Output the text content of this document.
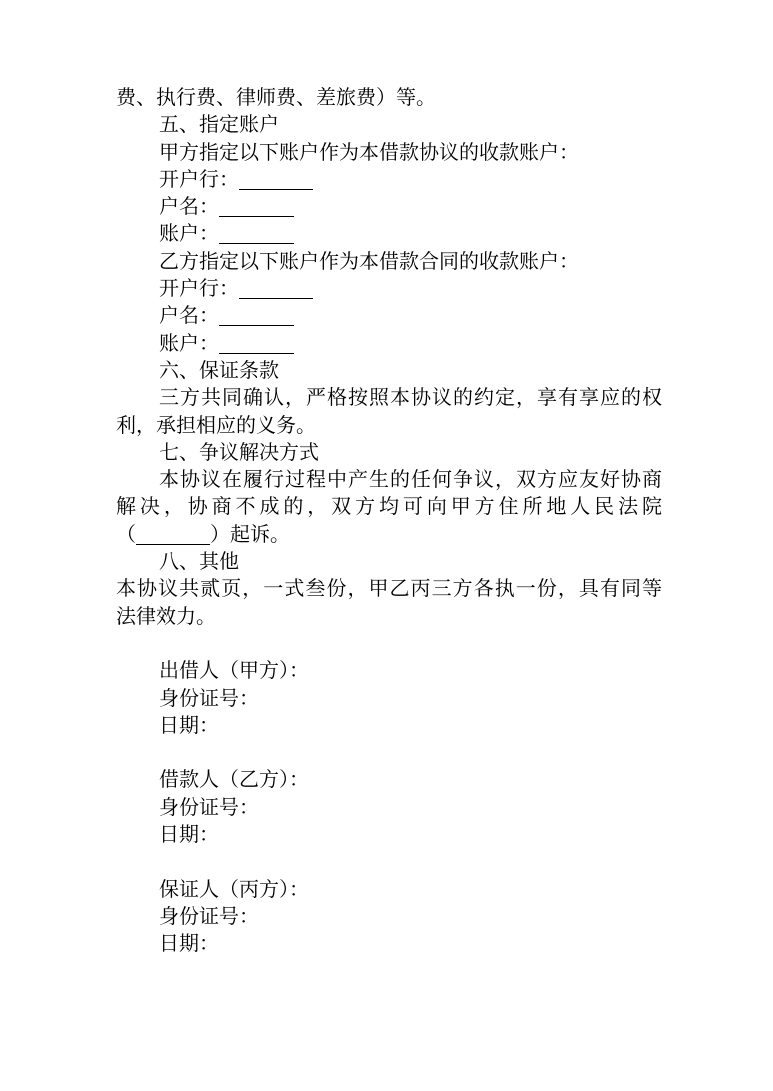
费、执行费、律师费、差旅费）等。
五、指定账户
甲方指定以下账户作为本借款协议的收款账户：
开户行：
户名：
账户：
乙方指定以下账户作为本借款合同的收款账户：
开户行：
户名：
账户：
六、保证条款
三方共同确认，严格按照本协议的约定，享有享应的权
利，承担相应的义务。
七、争议解决方式
本协议在履行过程中产生的任何争议，双方应友好协商
解决，协商不成的，双方均可向甲方住所地人民法院
（	）起诉。
八、其他
本协议共贰页，一式叁份，甲乙丙三方各执一份，具有同等
法律效力。
出借人（甲方）：
身份证号：
日期：
借款人（乙方）：
身份证号：
日期：
保证人（丙方）：
身份证号：
日期：
